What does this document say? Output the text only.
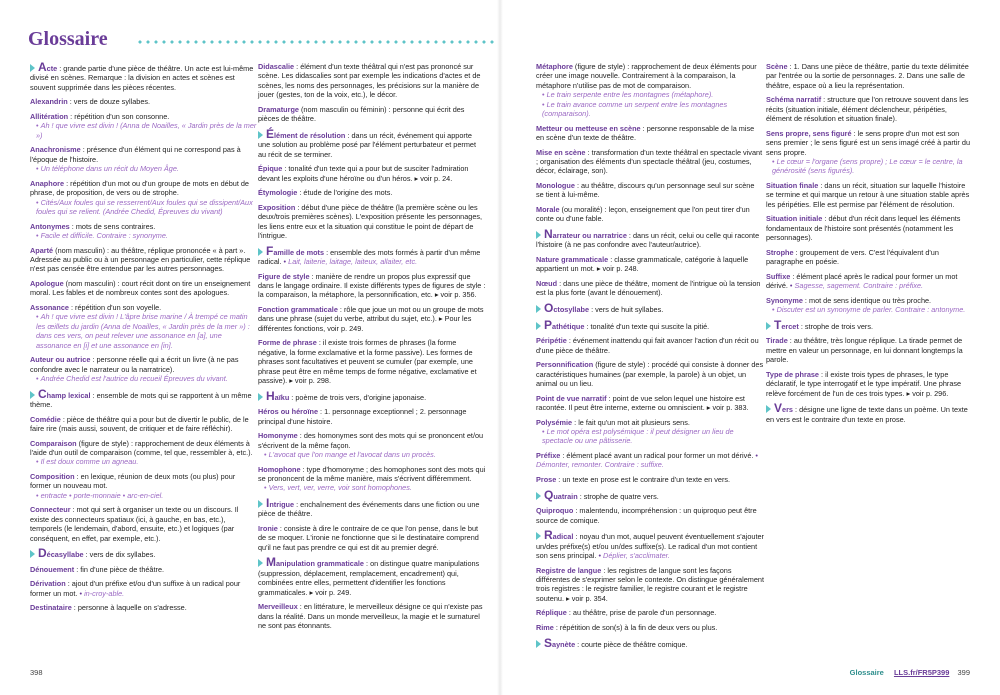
Glossaire

Acte : grande partie d'une pièce de théâtre. Un acte est lui-même divisé en scènes. Remarque : la division en actes et scènes est souvent supprimée dans les pièces récentes.

Alexandrin : vers de douze syllabes.

Allitération : répétition d'un son consonne.
• Ah ! que vivre est divin ! (Anna de Noailles, « Jardin près de la mer »)

Anachronisme : présence d'un élément qui ne correspond pas à l'époque de l'histoire.
• Un téléphone dans un récit du Moyen Âge.

Anaphore : répétition d'un mot ou d'un groupe de mots en début de phrase, de proposition, de vers ou de strophe.
• Cités/Aux foules qui se resserrent/Aux foules qui se dissipent/Aux foules qui se relient. (Andrée Chedid, Épreuves du vivant)

Antonymes : mots de sens contraires.
• Facile et difficile. Contraire : synonyme.

Aparté (nom masculin) : au théâtre, réplique prononcée « à part ». Adressée au public ou à un personnage en particulier, cette réplique n'est pas censée être entendue par les autres personnages.

Apologue (nom masculin) : court récit dont on tire un enseignement moral. Les fables et de nombreux contes sont des apologues.

Assonance : répétition d'un son voyelle.
• Ah ! que vivre est divin ! L'âpre brise marine / À trempé ce matin les œillets du jardin (Anna de Noailles, « Jardin près de la mer ») : dans ces vers, on peut relever une assonance en [a], une assonance en [i] et une assonance en [in].

Auteur ou autrice : personne réelle qui a écrit un livre (à ne pas confondre avec le narrateur ou la narratrice).
• Andrée Chedid est l'autrice du recueil Épreuves du vivant.

Champ lexical : ensemble de mots qui se rapportent à un même thème.

Comédie : pièce de théâtre qui a pour but de divertir le public, de le faire rire (mais aussi, souvent, de critiquer et de faire réfléchir).

Comparaison (figure de style) : rapprochement de deux éléments à l'aide d'un outil de comparaison (comme, tel que, ressembler à, etc.).
• Il est doux comme un agneau.

Composition : en lexique, réunion de deux mots (ou plus) pour former un nouveau mot.
• entracte • porte-monnaie • arc-en-ciel.

Connecteur : mot qui sert à organiser un texte ou un discours. Il existe des connecteurs spatiaux (ici, à gauche, en bas, etc.), temporels (le lendemain, d'abord, ensuite, etc.) et logiques (par conséquent, en effet, par exemple, etc.).

Décasyllabe : vers de dix syllabes.

Dénouement : fin d'une pièce de théâtre.

Dérivation : ajout d'un préfixe et/ou d'un suffixe à un radical pour former un mot. • in-croy-able.

Destinataire : personne à laquelle on s'adresse.

Didascalie : élément d'un texte théâtral qui n'est pas prononcé sur scène. Les didascalies sont par exemple les indications d'actes et de scènes, les noms des personnages, les précisions sur la manière de jouer (gestes, ton de la voix, etc.), le décor.

Dramaturge (nom masculin ou féminin) : personne qui écrit des pièces de théâtre.

Élément de résolution : dans un récit, événement qui apporte une solution au problème posé par l'élément perturbateur et permet au récit de se terminer.

Épique : tonalité d'un texte qui a pour but de susciter l'admiration devant les exploits d'une héroïne ou d'un héros. ▸ voir p. 24.

Étymologie : étude de l'origine des mots.

Exposition : début d'une pièce de théâtre (la première scène ou les deux/trois premières scènes). L'exposition présente les personnages, les liens entre eux et la situation qui constitue le point de départ de l'intrigue.

Famille de mots : ensemble des mots formés à partir d'un même radical. • Lait, laiterie, laitage, laiteux, allaiter, etc.

Figure de style : manière de rendre un propos plus expressif que dans le langage ordinaire. Il existe différents types de figures de style : la comparaison, la métaphore, la personnification, etc. ▸ voir p. 356.

Fonction grammaticale : rôle que joue un mot ou un groupe de mots dans une phrase (sujet du verbe, attribut du sujet, etc.). ▸ Pour les différentes fonctions, voir p. 249.

Forme de phrase : il existe trois formes de phrases (la forme négative, la forme exclamative et la forme passive). Les formes de phrases sont facultatives et peuvent se cumuler (par exemple, une phrase peut être en même temps de forme négative, exclamative et passive). ▸ voir p. 298.

Haïku : poème de trois vers, d'origine japonaise.

Héros ou héroïne : 1. personnage exceptionnel ; 2. personnage principal d'une histoire.

Homonyme : des homonymes sont des mots qui se prononcent et/ou s'écrivent de la même façon.
• L'avocat que l'on mange et l'avocat dans un procès.

Homophone : type d'homonyme ; des homophones sont des mots qui se prononcent de la même manière, mais s'écrivent différemment.
• Vers, vert, ver, verre, voir sont homophones.

Intrigue : enchaînement des événements dans une fiction ou une pièce de théâtre.

Ironie : consiste à dire le contraire de ce que l'on pense, dans le but de se moquer. L'ironie ne fonctionne que si le destinataire comprend qu'il ne faut pas prendre ce qui est dit au premier degré.

Manipulation grammaticale : on distingue quatre manipulations (suppression, déplacement, remplacement, encadrement) qui, combinées entre elles, permettent d'identifier les fonctions grammaticales. ▸ voir p. 249.

Merveilleux : en littérature, le merveilleux désigne ce qui n'existe pas dans la réalité. Dans un monde merveilleux, la magie et le surnaturel ne sont pas étonnants.

Métaphore (figure de style) : rapprochement de deux éléments pour créer une image nouvelle. Contrairement à la comparaison, la métaphore n'utilise pas de mot de comparaison.
• Le train serpente entre les montagnes (métaphore).
• Le train avance comme un serpent entre les montagnes (comparaison).

Metteur ou metteuse en scène : personne responsable de la mise en scène d'un texte de théâtre.

Mise en scène : transformation d'un texte théâtral en spectacle vivant ; organisation des éléments d'un spectacle théâtral (jeu, costumes, décor, éclairage, son).

Monologue : au théâtre, discours qu'un personnage seul sur scène se tient à lui-même.

Morale (ou moralité) : leçon, enseignement que l'on peut tirer d'un conte ou d'une fable.

Narrateur ou narratrice : dans un récit, celui ou celle qui raconte l'histoire (à ne pas confondre avec l'auteur/autrice).

Nature grammaticale : classe grammaticale, catégorie à laquelle appartient un mot. ▸ voir p. 248.

Nœud : dans une pièce de théâtre, moment de l'intrigue où la tension est la plus forte (avant le dénouement).

Octosyllabe : vers de huit syllabes.

Pathétique : tonalité d'un texte qui suscite la pitié.

Péripétie : événement inattendu qui fait avancer l'action d'un récit ou d'une pièce de théâtre.

Personnification (figure de style) : procédé qui consiste à donner des caractéristiques humaines (par exemple, la parole) à un objet, un animal ou un lieu.

Point de vue narratif : point de vue selon lequel une histoire est racontée. Il peut être interne, externe ou omniscient. ▸ voir p. 383.

Polysémie : le fait qu'un mot ait plusieurs sens.
• Le mot opéra est polysémique : il peut désigner un lieu de spectacle ou une pâtisserie.

Préfixe : élément placé avant un radical pour former un mot dérivé. • Démonter, remonter. Contraire : suffixe.

Prose : un texte en prose est le contraire d'un texte en vers.

Quatrain : strophe de quatre vers.

Quiproquo : malentendu, incompréhension : un quiproquo peut être source de comique.

Radical : noyau d'un mot, auquel peuvent éventuellement s'ajouter un/des préfixe(s) et/ou un/des suffixe(s). Le radical d'un mot contient son sens principal. • Déplier, s'acclimater.

Registre de langue : les registres de langue sont les façons différentes de s'exprimer selon le contexte. On distingue généralement trois registres : le registre familier, le registre courant et le registre soutenu. ▸ voir p. 354.

Réplique : au théâtre, prise de parole d'un personnage.

Rime : répétition de son(s) à la fin de deux vers ou plus.

Saynète : courte pièce de théâtre comique.

Scène : 1. Dans une pièce de théâtre, partie du texte délimitée par l'entrée ou la sortie de personnages. 2. Dans une salle de théâtre, espace où a lieu la représentation.

Schéma narratif : structure que l'on retrouve souvent dans les récits (situation initiale, élément déclencheur, péripéties, élément de résolution et situation finale).

Sens propre, sens figuré : le sens propre d'un mot est son sens premier ; le sens figuré est un sens imagé créé à partir du sens propre.
• Le cœur = l'organe (sens propre) ; Le cœur = le centre, la générosité (sens figurés).

Situation finale : dans un récit, situation sur laquelle l'histoire se termine et qui marque un retour à une situation stable après les péripéties. Elle est permise par l'élément de résolution.

Situation initiale : début d'un récit dans lequel les éléments fondamentaux de l'histoire sont présentés (notamment les personnages).

Strophe : groupement de vers. C'est l'équivalent d'un paragraphe en poésie.

Suffixe : élément placé après le radical pour former un mot dérivé. • Sagesse, sagement. Contraire : préfixe.

Synonyme : mot de sens identique ou très proche.
• Discuter est un synonyme de parler. Contraire : antonyme.

Tercet : strophe de trois vers.

Tirade : au théâtre, très longue réplique. La tirade permet de mettre en valeur un personnage, en lui donnant longtemps la parole.

Type de phrase : il existe trois types de phrases, le type déclaratif, le type interrogatif et le type impératif. Une phrase relève forcément de l'un de ces trois types. ▸ voir p. 296.

Vers : désigne une ligne de texte dans un poème. Un texte en vers est le contraire d'un texte en prose.

398	Glossaire LLS.fr/FR5P399 399
